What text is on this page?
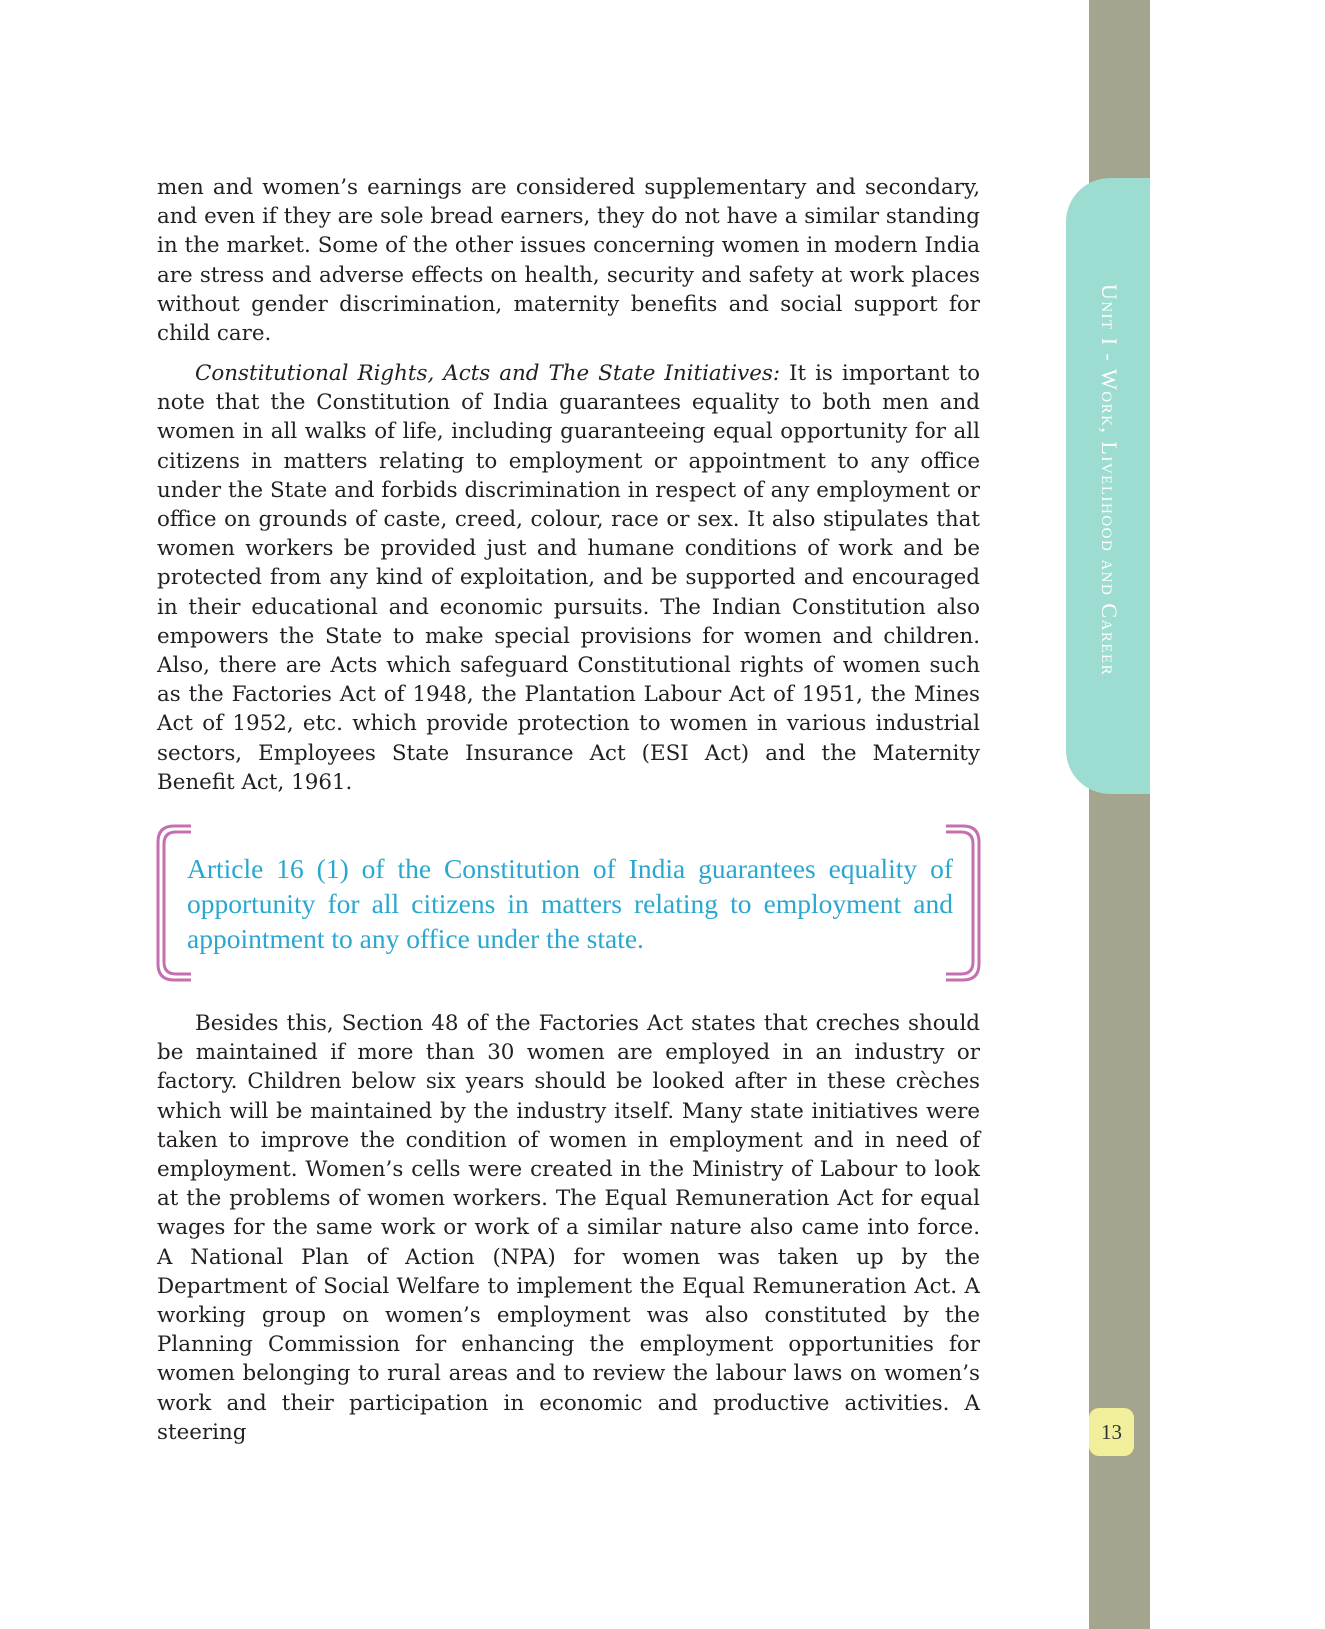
Unit I - Work, Livelihood and Career
13

men and women’s earnings are considered supplementary and secondary, and even if they are sole bread earners, they do not have a similar standing in the market. Some of the other issues concerning women in modern India are stress and adverse effects on health, security and safety at work places without gender discrimination, maternity benefits and social support for child care.

Constitutional Rights, Acts and The State Initiatives: It is important to note that the Constitution of India guarantees equality to both men and women in all walks of life, including guaranteeing equal opportunity for all citizens in matters relating to employment or appointment to any office under the State and forbids discrimination in respect of any employment or office on grounds of caste, creed, colour, race or sex. It also stipulates that women workers be provided just and humane conditions of work and be protected from any kind of exploitation, and be supported and encouraged in their educational and economic pursuits. The Indian Constitution also empowers the State to make special provisions for women and children. Also, there are Acts which safeguard Constitutional rights of women such as the Factories Act of 1948, the Plantation Labour Act of 1951, the Mines Act of 1952, etc. which provide protection to women in various industrial sectors, Employees State Insurance Act (ESI Act) and the Maternity Benefit Act, 1961.

Article 16 (1) of the Constitution of India guarantees equality of opportunity for all citizens in matters relating to employment and appointment to any office under the state.

Besides this, Section 48 of the Factories Act states that creches should be maintained if more than 30 women are employed in an industry or factory. Children below six years should be looked after in these crèches which will be maintained by the industry itself. Many state initiatives were taken to improve the condition of women in employment and in need of employment. Women’s cells were created in the Ministry of Labour to look at the problems of women workers. The Equal Remuneration Act for equal wages for the same work or work of a similar nature also came into force. A National Plan of Action (NPA) for women was taken up by the Department of Social Welfare to implement the Equal Remuneration Act. A working group on women’s employment was also constituted by the Planning Commission for enhancing the employment opportunities for women belonging to rural areas and to review the labour laws on women’s work and their participation in economic and productive activities. A steering
